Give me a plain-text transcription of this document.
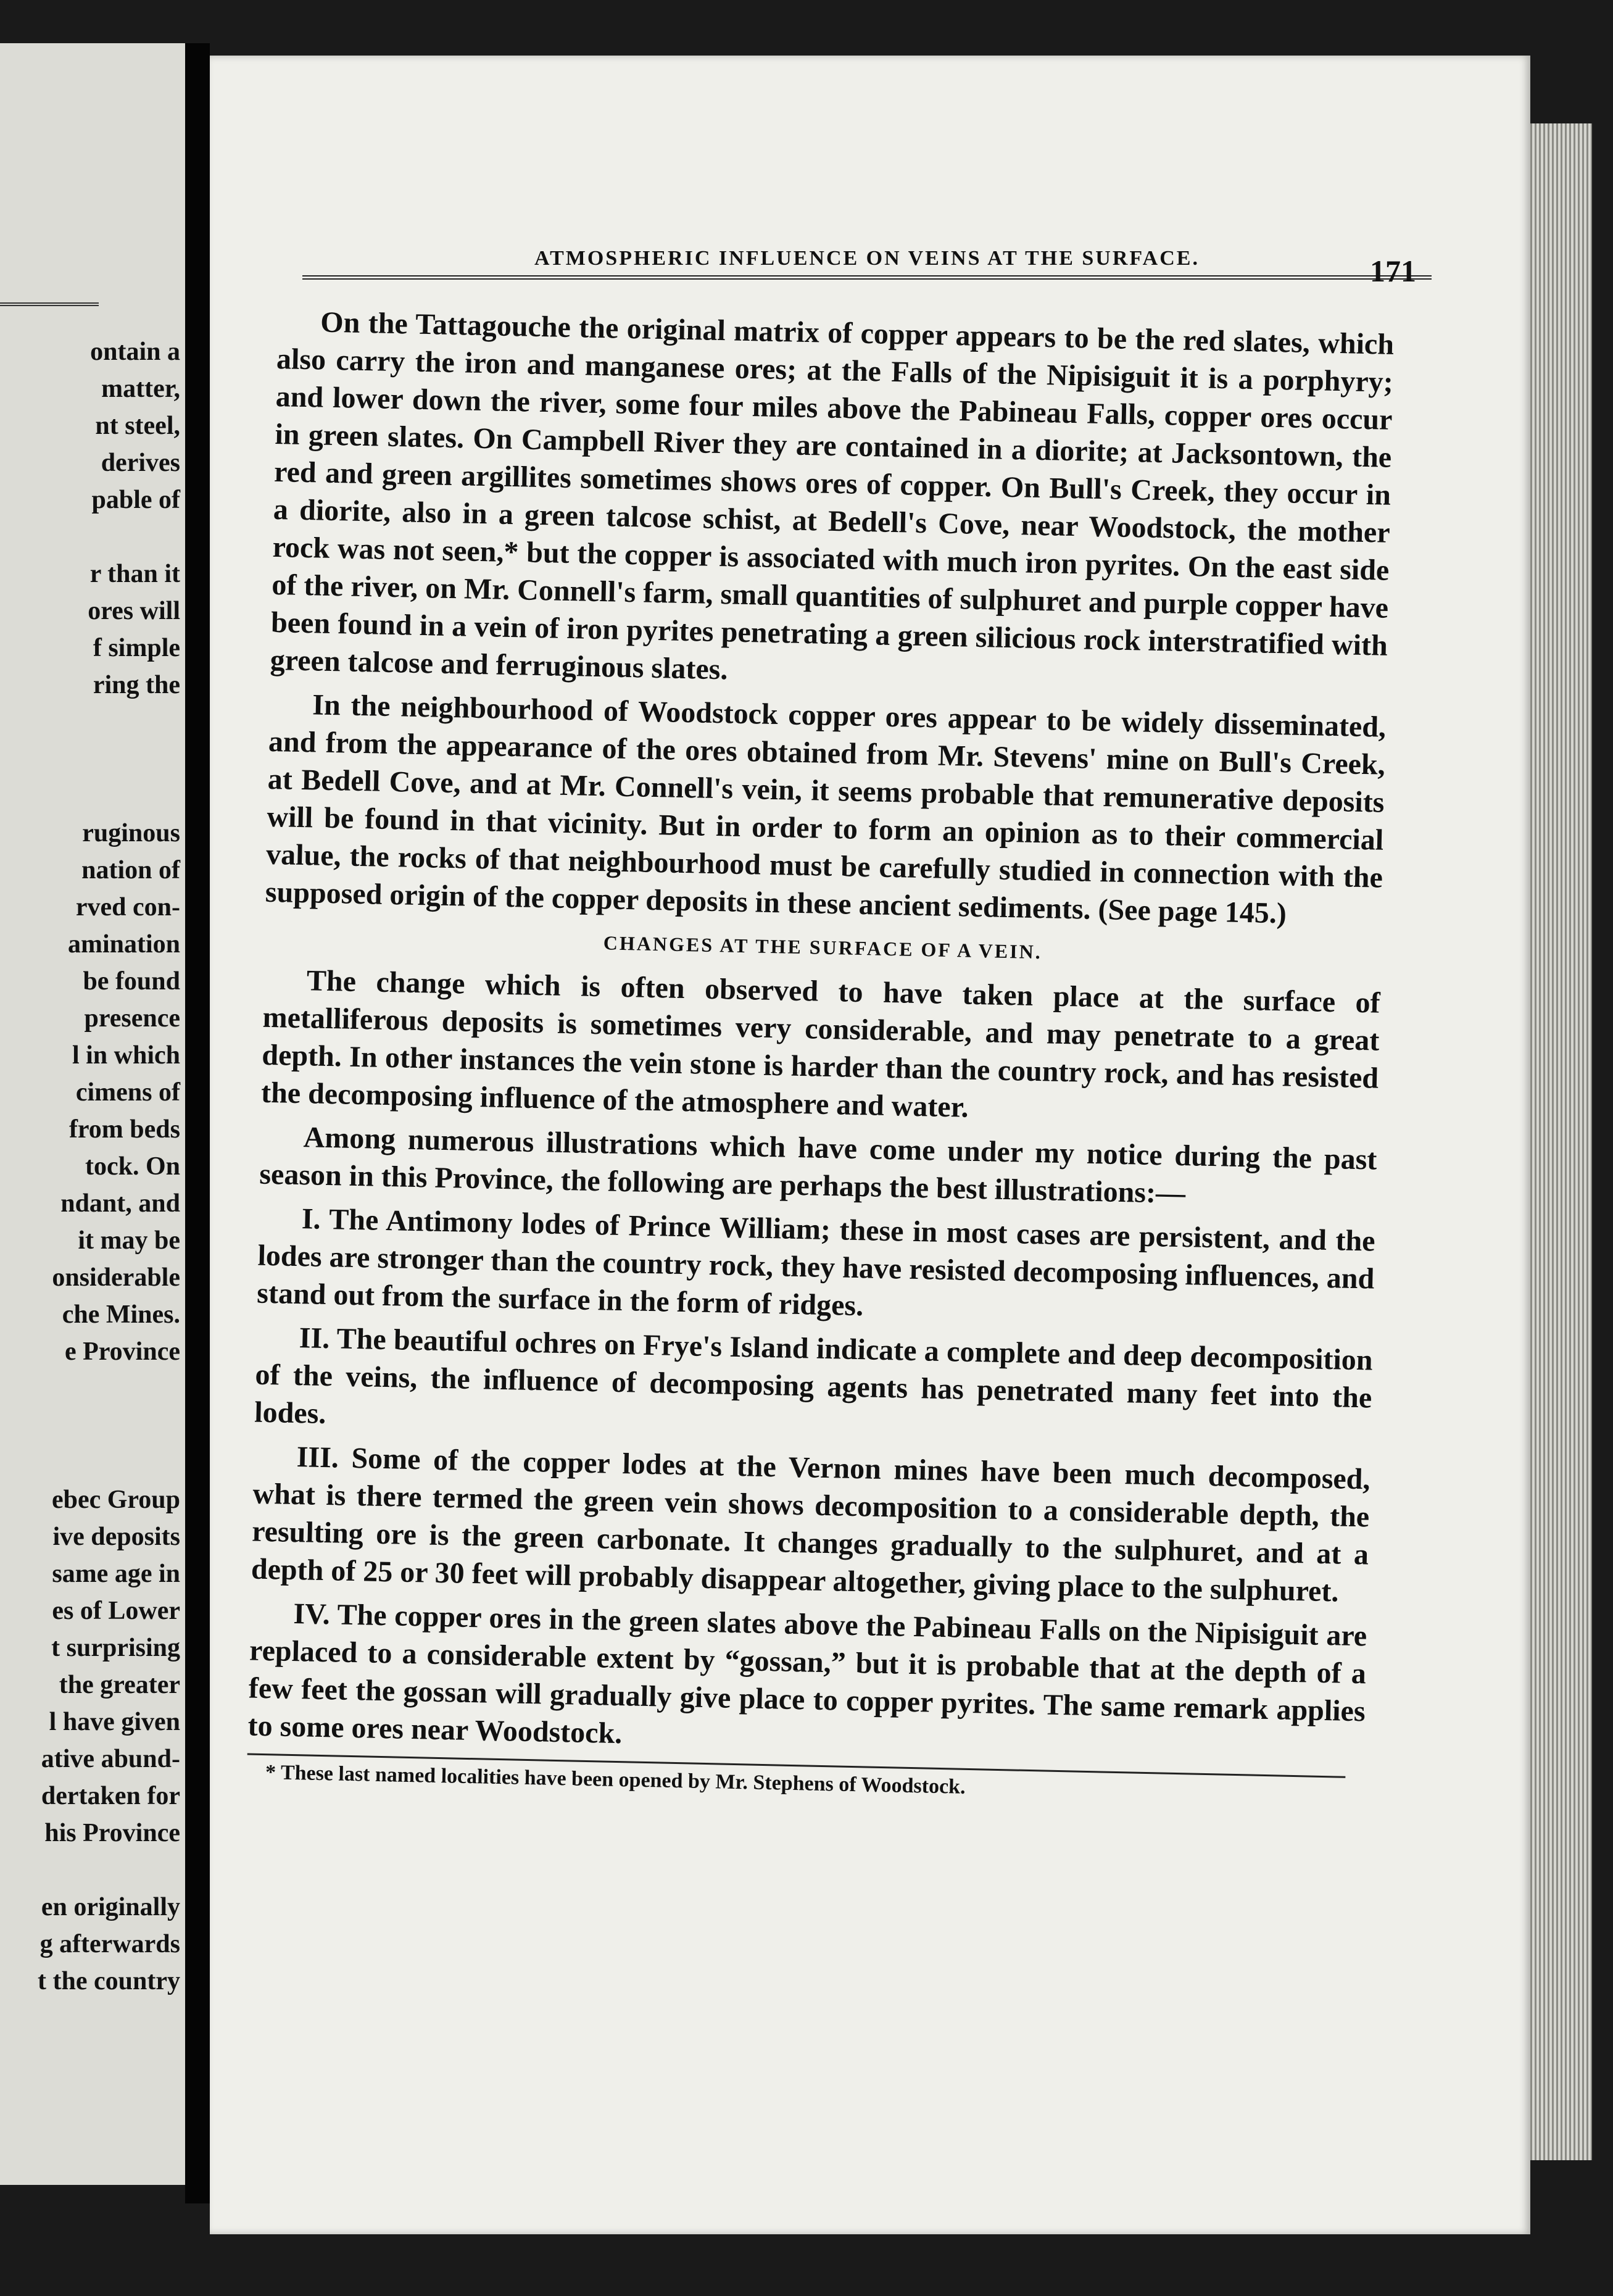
ontain a
matter,
nt steel,
derives
pable of
r than it
ores will
f simple
ring the
ruginous
nation of
rved con-
amination
be found
presence
l in which
cimens of
from beds
tock. On
ndant, and
it may be
onsiderable
che Mines.
e Province
ebec Group
ive deposits
same age in
es of Lower
t surprising
the greater
l have given
ative abund-
dertaken for
his Province
en originally
g afterwards
t the country
ATMOSPHERIC INFLUENCE ON VEINS AT THE SURFACE.	171

On the Tattagouche the original matrix of copper appears to be the red slates, which also carry the iron and manganese ores; at the Falls of the Nipisiguit it is a porphyry; and lower down the river, some four miles above the Pabineau Falls, copper ores occur in green slates. On Campbell River they are contained in a diorite; at Jacksontown, the red and green argillites sometimes shows ores of copper. On Bull's Creek, they occur in a diorite, also in a green talcose schist, at Bedell's Cove, near Woodstock, the mother rock was not seen,* but the copper is associated with much iron pyrites. On the east side of the river, on Mr. Connell's farm, small quantities of sulphuret and purple copper have been found in a vein of iron pyrites penetrating a green silicious rock interstratified with green talcose and ferruginous slates.

In the neighbourhood of Woodstock copper ores appear to be widely disseminated, and from the appearance of the ores obtained from Mr. Stevens' mine on Bull's Creek, at Bedell Cove, and at Mr. Connell's vein, it seems probable that remunerative deposits will be found in that vicinity. But in order to form an opinion as to their commercial value, the rocks of that neighbourhood must be carefully studied in connection with the supposed origin of the copper deposits in these ancient sediments. (See page 145.)

CHANGES AT THE SURFACE OF A VEIN.

The change which is often observed to have taken place at the surface of metalliferous deposits is sometimes very considerable, and may penetrate to a great depth. In other instances the vein stone is harder than the country rock, and has resisted the decomposing influence of the atmosphere and water.

Among numerous illustrations which have come under my notice during the past season in this Province, the following are perhaps the best illustrations:—

I. The Antimony lodes of Prince William; these in most cases are persistent, and the lodes are stronger than the country rock, they have resisted decomposing influences, and stand out from the surface in the form of ridges.

II. The beautiful ochres on Frye's Island indicate a complete and deep decomposition of the veins, the influence of decomposing agents has penetrated many feet into the lodes.

III. Some of the copper lodes at the Vernon mines have been much decomposed, what is there termed the green vein shows decomposition to a considerable depth, the resulting ore is the green carbonate. It changes gradually to the sulphuret, and at a depth of 25 or 30 feet will probably disappear altogether, giving place to the sulphuret.

IV. The copper ores in the green slates above the Pabineau Falls on the Nipisiguit are replaced to a considerable extent by “gossan,” but it is probable that at the depth of a few feet the gossan will gradually give place to copper pyrites. The same remark applies to some ores near Woodstock.

* These last named localities have been opened by Mr. Stephens of Woodstock.
